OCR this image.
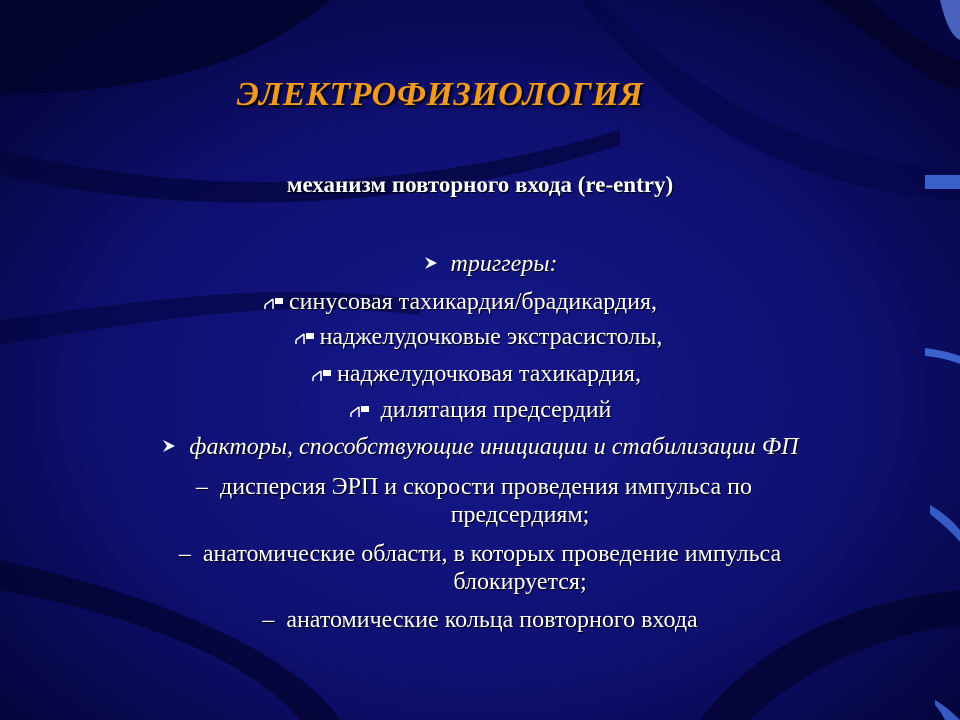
ЭЛЕКТРОФИЗИОЛОГИЯ
механизм повторного входа (re-entry)
триггеры:
синусовая тахикардия/брадикардия,
наджелудочковые экстрасистолы,
наджелудочковая тахикардия,
дилятация предсердий
факторы, способствующие инициации и стабилизации ФП
–  дисперсия ЭРП и скорости проведения импульса по
предсердиям;
–  анатомические области, в которых проведение импульса
блокируется;
–  анатомические кольца повторного входа
